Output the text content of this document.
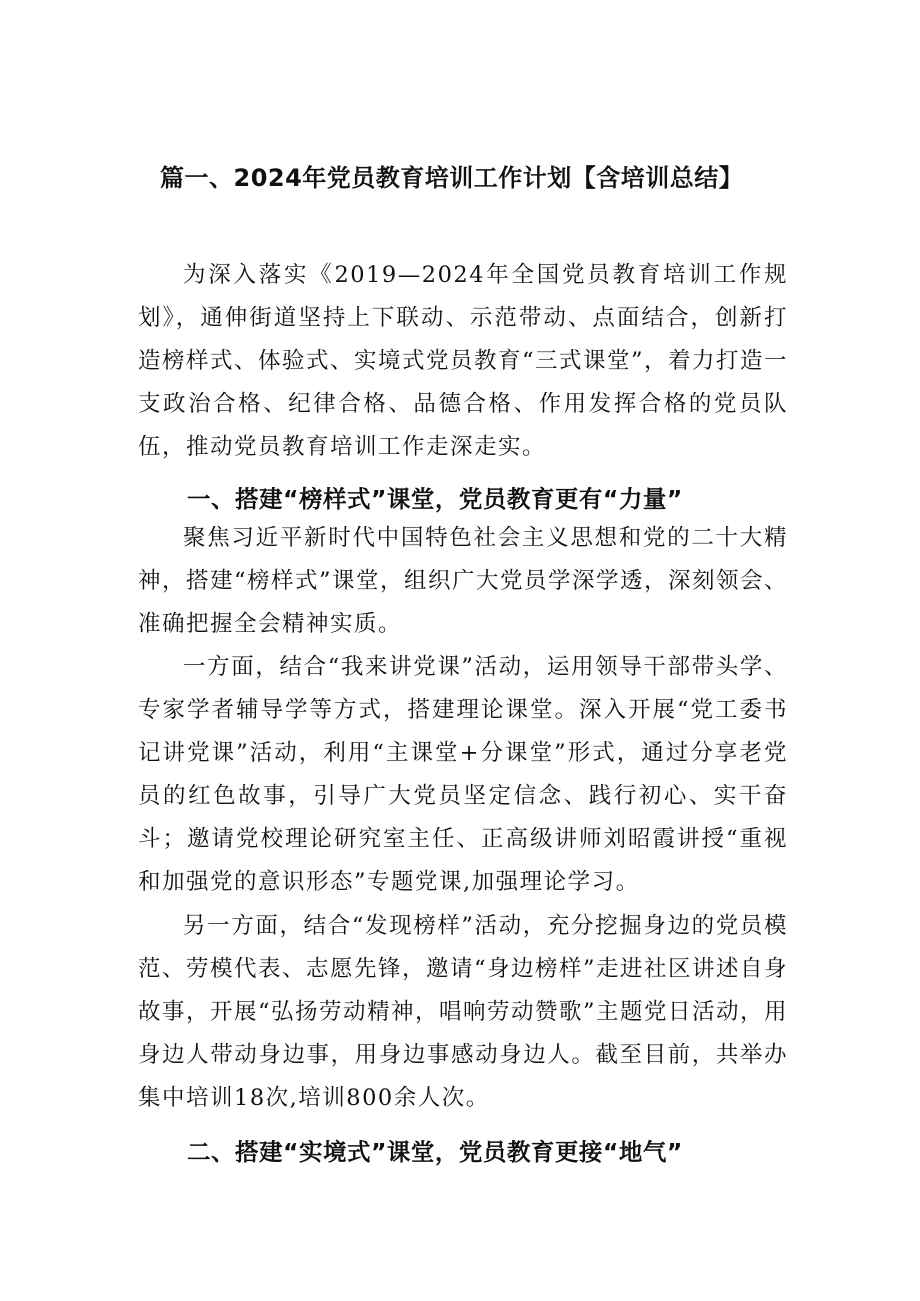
篇一、2024年党员教育培训工作计划【含培训总结】

为深入落实《2019—2024年全国党员教育培训工作规划》，通伸街道坚持上下联动、示范带动、点面结合，创新打造榜样式、体验式、实境式党员教育“三式课堂”，着力打造一支政治合格、纪律合格、品德合格、作用发挥合格的党员队伍，推动党员教育培训工作走深走实。

一、搭建“榜样式”课堂，党员教育更有“力量”

聚焦习近平新时代中国特色社会主义思想和党的二十大精神，搭建“榜样式”课堂，组织广大党员学深学透，深刻领会、准确把握全会精神实质。

一方面，结合“我来讲党课”活动，运用领导干部带头学、专家学者辅导学等方式，搭建理论课堂。深入开展“党工委书记讲党课”活动，利用“主课堂+分课堂”形式，通过分享老党员的红色故事，引导广大党员坚定信念、践行初心、实干奋斗；邀请党校理论研究室主任、正高级讲师刘昭霞讲授“重视和加强党的意识形态”专题党课,加强理论学习。

另一方面，结合“发现榜样”活动，充分挖掘身边的党员模范、劳模代表、志愿先锋，邀请“身边榜样”走进社区讲述自身故事，开展“弘扬劳动精神，唱响劳动赞歌”主题党日活动，用身边人带动身边事，用身边事感动身边人。截至目前，共举办集中培训18次,培训800余人次。

二、搭建“实境式”课堂，党员教育更接“地气”
